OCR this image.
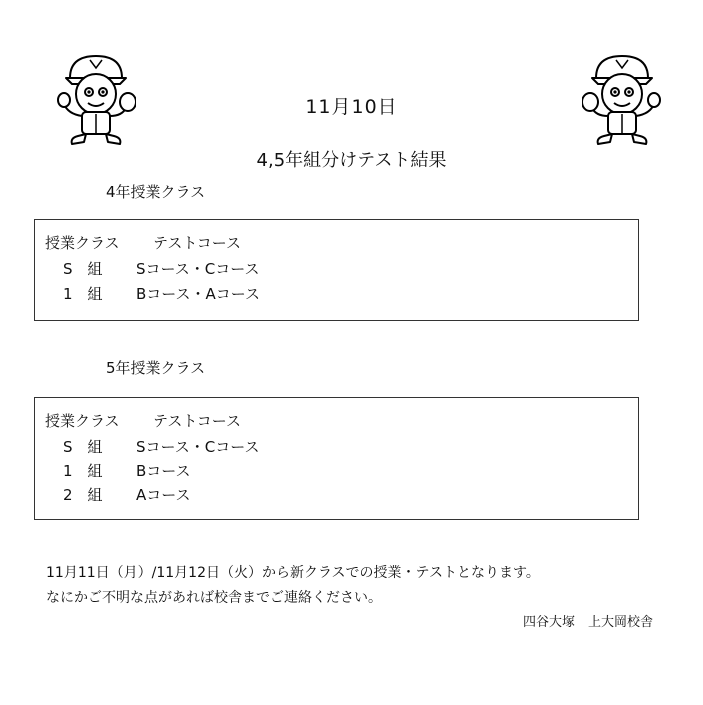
11月10日
4,5年組分けテスト結果
4年授業クラス
授業クラス テストコース
S　組 Sコース・Cコース
1　組 Bコース・Aコース
5年授業クラス
授業クラス テストコース
S　組 Sコース・Cコース
1　組 Bコース
2　組 Aコース
11月11日（月）/11月12日（火）から新クラスでの授業・テストとなります。
なにかご不明な点があれば校舎までご連絡ください。
四谷大塚　上大岡校舎
